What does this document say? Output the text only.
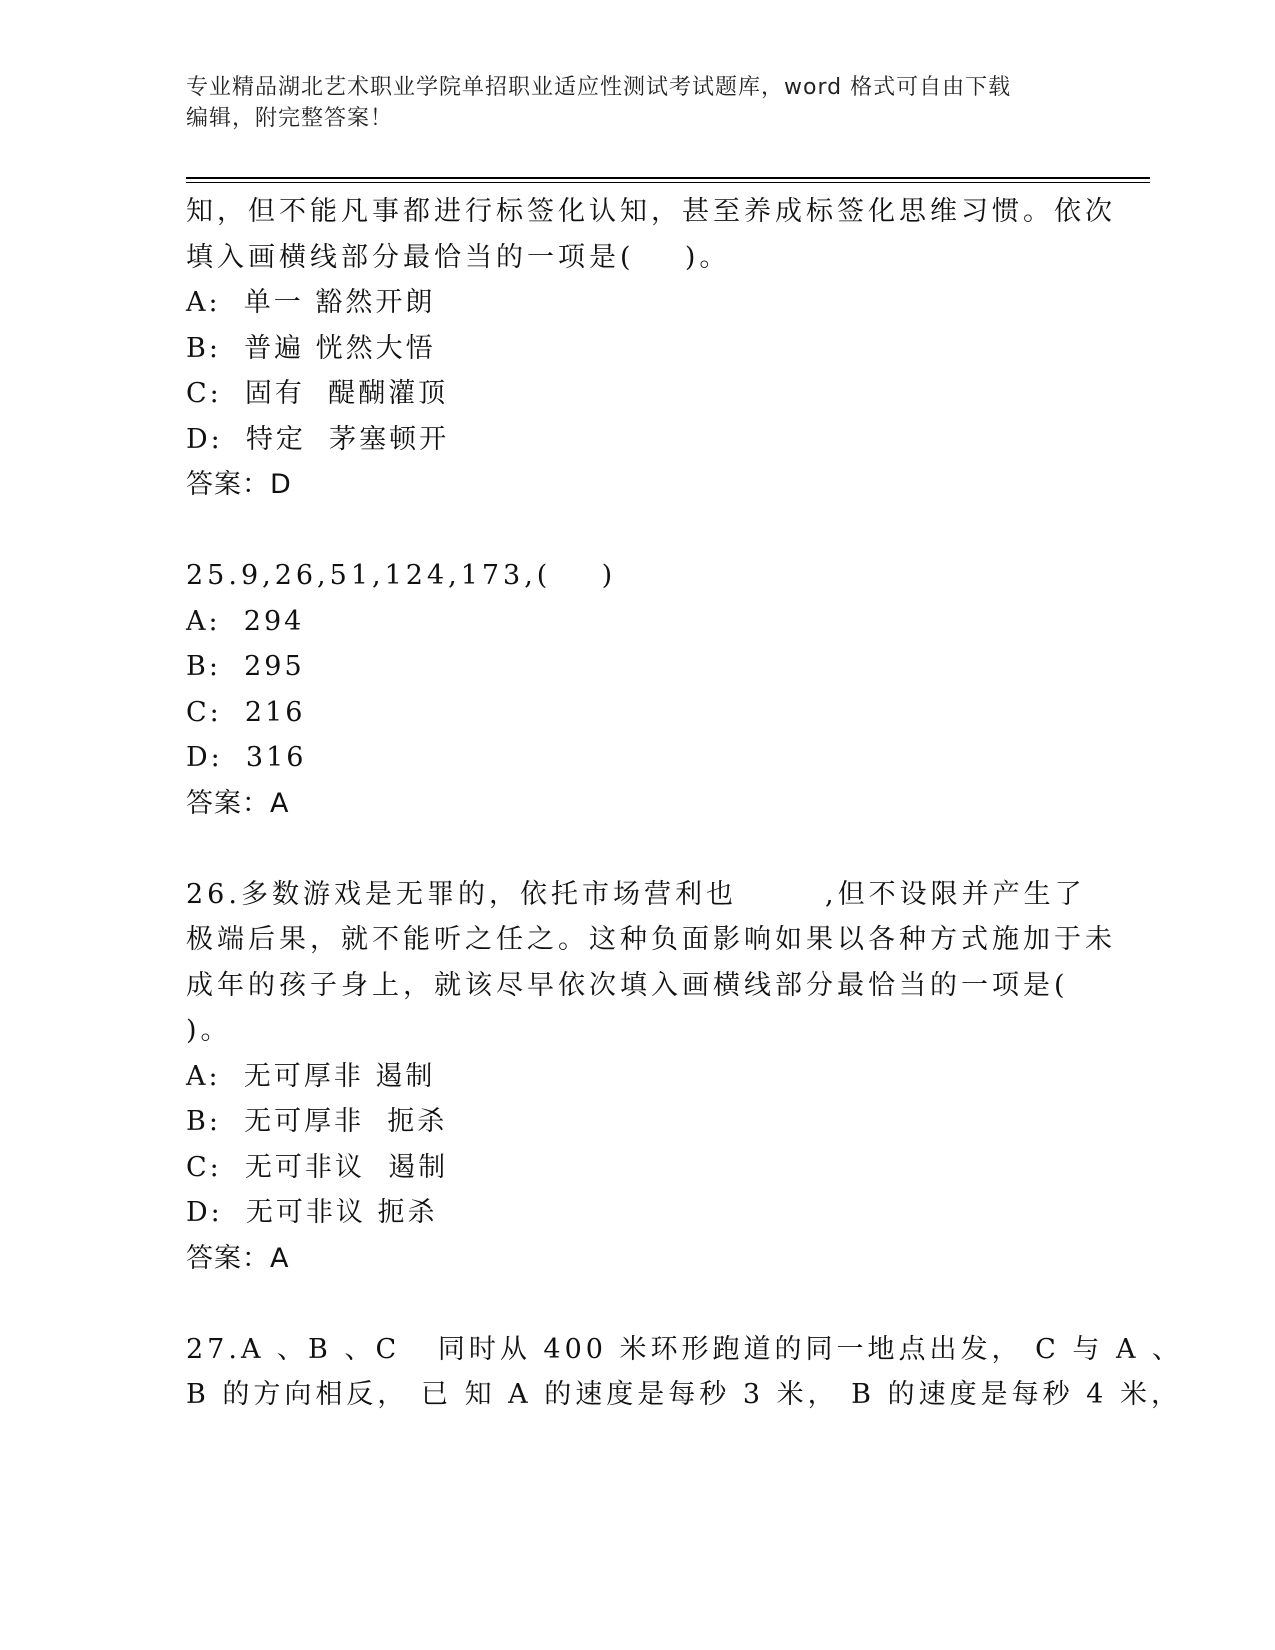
专业精品湖北艺术职业学院单招职业适应性测试考试题库，word 格式可自由下载
编辑，附完整答案！
知，但不能凡事都进行标签化认知，甚至养成标签化思维习惯。依次
填入画横线部分最恰当的一项是(    )。
A:  单一 豁然开朗
B:  普遍 恍然大悟
C:  固有  醍醐灌顶
D:  特定  茅塞顿开
答案：D
25.9,26,51,124,173,(    )
A:  294
B:  295
C:  216
D:  316
答案：A
26.多数游戏是无罪的，依托市场营利也       ,但不设限并产生了
极端后果，就不能听之任之。这种负面影响如果以各种方式施加于未
成年的孩子身上，就该尽早依次填入画横线部分最恰当的一项是(
)。
A:  无可厚非 遏制
B:  无可厚非  扼杀
C:  无可非议  遏制
D:  无可非议 扼杀
答案：A
27.A 、B 、C   同时从 400 米环形跑道的同一地点出发， C 与 A 、
B 的方向相反， 已 知 A 的速度是每秒 3 米， B 的速度是每秒 4 米，
